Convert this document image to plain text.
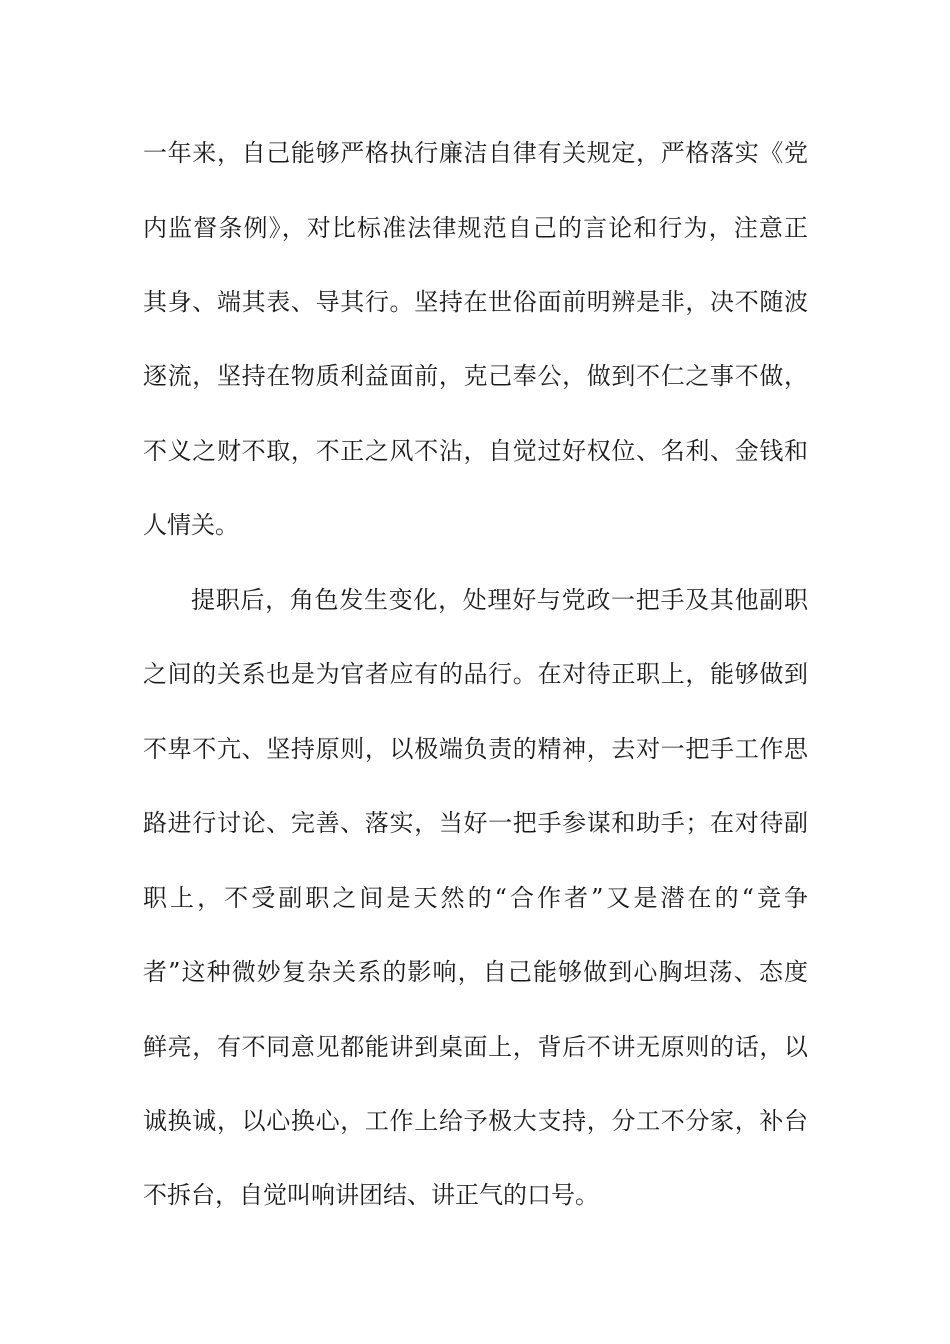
一年来，自己能够严格执行廉洁自律有关规定，严格落实《党
内监督条例》，对比标准法律规范自己的言论和行为，注意正
其身、端其表、导其行。坚持在世俗面前明辨是非，决不随波
逐流，坚持在物质利益面前，克己奉公，做到不仁之事不做，
不义之财不取，不正之风不沾，自觉过好权位、名利、金钱和
人情关。
提职后，角色发生变化，处理好与党政一把手及其他副职
之间的关系也是为官者应有的品行。在对待正职上，能够做到
不卑不亢、坚持原则，以极端负责的精神，去对一把手工作思
路进行讨论、完善、落实，当好一把手参谋和助手；在对待副
职上，不受副职之间是天然的“合作者”又是潜在的“竞争
者”这种微妙复杂关系的影响，自己能够做到心胸坦荡、态度
鲜亮，有不同意见都能讲到桌面上，背后不讲无原则的话，以
诚换诚，以心换心，工作上给予极大支持，分工不分家，补台
不拆台，自觉叫响讲团结、讲正气的口号。
